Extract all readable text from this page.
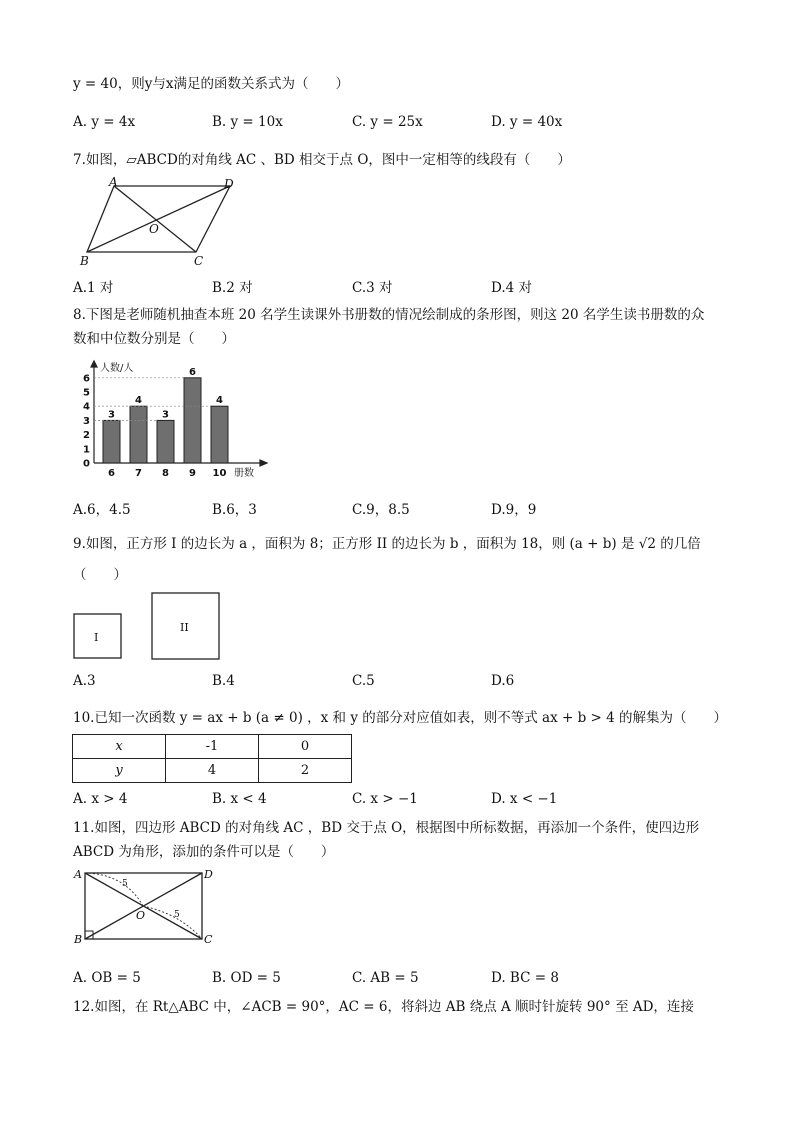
y = 40，则y与x满足的函数关系式为（　　）
A. y = 4x	B. y = 10x	C. y = 25x	D. y = 40x
7.如图，▱ABCD的对角线 AC 、BD 相交于点 O，图中一定相等的线段有（　　）
A	D
B	C
O
A.1 对	B.2 对	C.3 对	D.4 对
8.下图是老师随机抽查本班 20 名学生读课外书册数的情况绘制成的条形图，则这 20 名学生读书册数的众
数和中位数分别是（　　）
人数/人
册数
0
1
2
3
4
5
6
3
6
4
7
3
8
6
9
4
10
A.6，4.5	B.6，3	C.9，8.5	D.9，9
9.如图，正方形 I 的边长为 a ，面积为 8；正方形 II 的边长为 b ，面积为 18，则 (a + b) 是 √2 的几倍
（　　）
I
II
A.3	B.4	C.5	D.6
10.已知一次函数 y = ax + b (a ≠ 0) ，x 和 y 的部分对应值如表，则不等式 ax + b > 4 的解集为（　　）
x	-1	0
y	4	2
A. x > 4	B. x < 4	C. x > −1	D. x < −1
11.如图，四边形 ABCD 的对角线 AC ，BD 交于点 O，根据图中所标数据，再添加一个条件，使四边形
ABCD 为角形，添加的条件可以是（　　）
A	D
B	C
O
5
5
A. OB = 5	B. OD = 5	C. AB = 5	D. BC = 8
12.如图，在 Rt△ABC 中，∠ACB = 90°，AC = 6，将斜边 AB 绕点 A 顺时针旋转 90° 至 AD，连接
